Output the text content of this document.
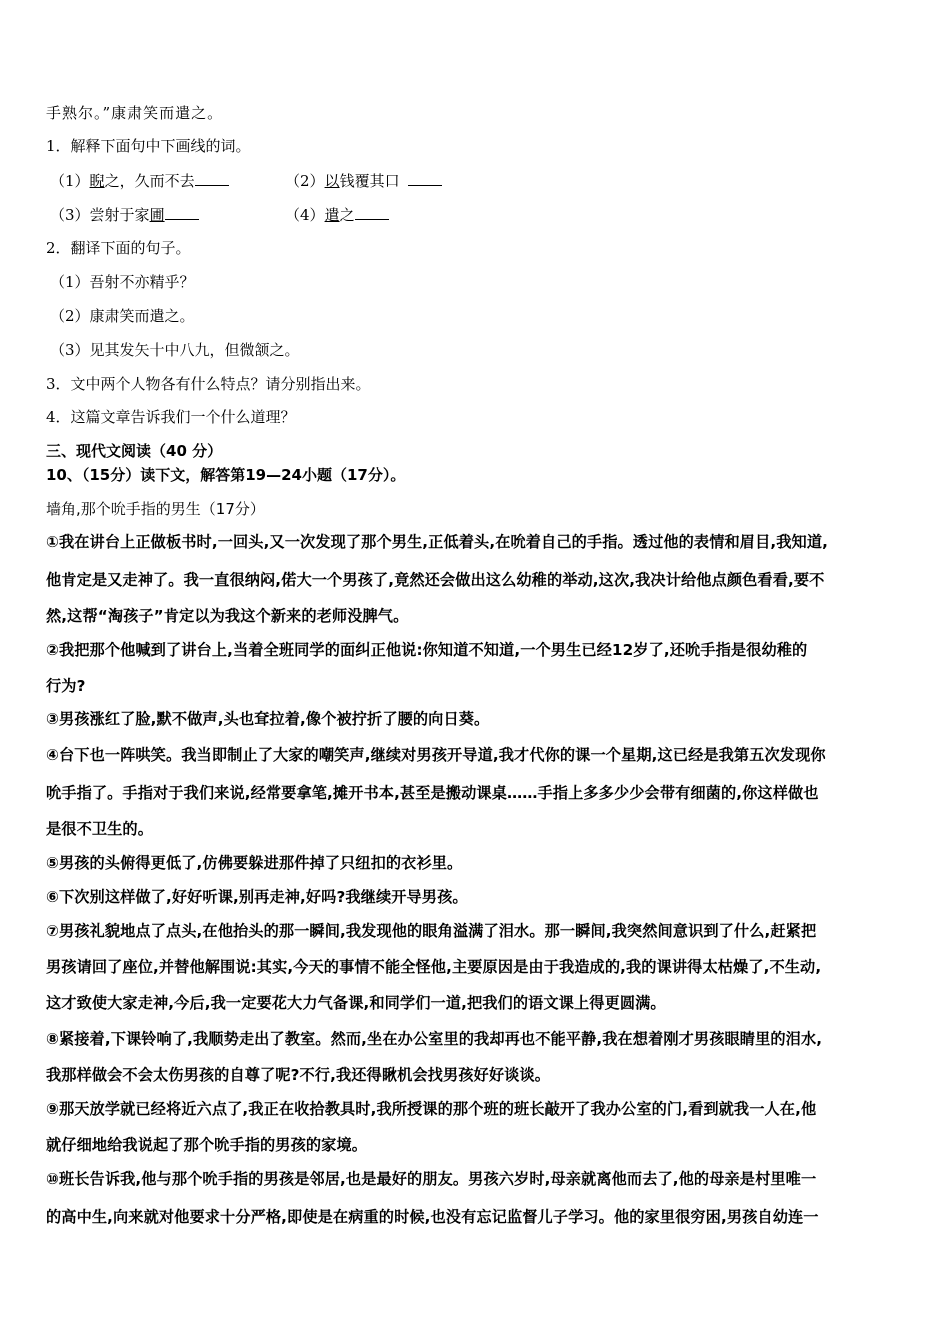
手熟尔。”康肃笑而遣之。
1．解释下面句中下画线的词。
（1）睨之，久而不去	（2）以钱覆其口
（3）尝射于家圃	（4）遣之
2．翻译下面的句子。
（1）吾射不亦精乎？
（2）康肃笑而遣之。
（3）见其发矢十中八九，但微颔之。
3．文中两个人物各有什么特点？请分别指出来。
4．这篇文章告诉我们一个什么道理？
三、现代文阅读（40 分）
10、（15分）读下文，解答第19—24小题（17分）。
墙角,那个吮手指的男生（17分）
①我在讲台上正做板书时,一回头,又一次发现了那个男生,正低着头,在吮着自己的手指。透过他的表情和眉目,我知道,
他肯定是又走神了。我一直很纳闷,偌大一个男孩了,竟然还会做出这么幼稚的举动,这次,我决计给他点颜色看看,要不
然,这帮“淘孩子”肯定以为我这个新来的老师没脾气。
②我把那个他喊到了讲台上,当着全班同学的面纠正他说:你知道不知道,一个男生已经12岁了,还吮手指是很幼稚的
行为?
③男孩涨红了脸,默不做声,头也耷拉着,像个被拧折了腰的向日葵。
④台下也一阵哄笑。我当即制止了大家的嘲笑声,继续对男孩开导道,我才代你的课一个星期,这已经是我第五次发现你
吮手指了。手指对于我们来说,经常要拿笔,摊开书本,甚至是搬动课桌……手指上多多少少会带有细菌的,你这样做也
是很不卫生的。
⑤男孩的头俯得更低了,仿佛要躲进那件掉了只纽扣的衣衫里。
⑥下次别这样做了,好好听课,别再走神,好吗?我继续开导男孩。
⑦男孩礼貌地点了点头,在他抬头的那一瞬间,我发现他的眼角溢满了泪水。那一瞬间,我突然间意识到了什么,赶紧把
男孩请回了座位,并替他解围说:其实,今天的事情不能全怪他,主要原因是由于我造成的,我的课讲得太枯燥了,不生动,
这才致使大家走神,今后,我一定要花大力气备课,和同学们一道,把我们的语文课上得更圆满。
⑧紧接着,下课铃响了,我顺势走出了教室。然而,坐在办公室里的我却再也不能平静,我在想着刚才男孩眼睛里的泪水,
我那样做会不会太伤男孩的自尊了呢?不行,我还得瞅机会找男孩好好谈谈。
⑨那天放学就已经将近六点了,我正在收拾教具时,我所授课的那个班的班长敲开了我办公室的门,看到就我一人在,他
就仔细地给我说起了那个吮手指的男孩的家境。
⑩班长告诉我,他与那个吮手指的男孩是邻居,也是最好的朋友。男孩六岁时,母亲就离他而去了,他的母亲是村里唯一
的高中生,向来就对他要求十分严格,即使是在病重的时候,也没有忘记监督儿子学习。他的家里很穷困,男孩自幼连一
